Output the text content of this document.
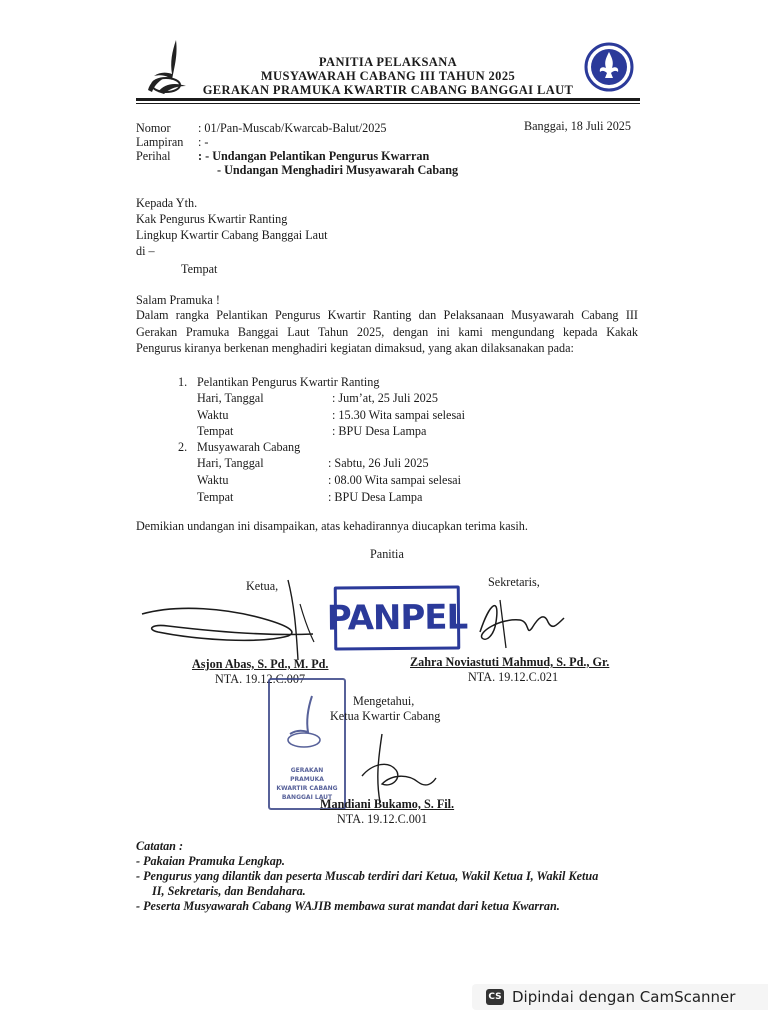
PANITIA PELAKSANA
MUSYAWARAH CABANG III TAHUN 2025
GERAKAN PRAMUKA KWARTIR CABANG BANGGAI LAUT
Nomor : 01/Pan-Muscab/Kwarcab-Balut/2025	Banggai, 18 Juli 2025
Lampiran : -
Perihal : - Undangan Pelantikan Pengurus Kwarran
- Undangan Menghadiri Musyawarah Cabang
Kepada Yth.
Kak Pengurus Kwartir Ranting
Lingkup Kwartir Cabang Banggai Laut
di –
Tempat
Salam Pramuka !
Dalam rangka Pelantikan Pengurus Kwartir Ranting dan Pelaksanaan Musyawarah Cabang III
Gerakan Pramuka Banggai Laut Tahun 2025, dengan ini kami mengundang kepada Kakak
Pengurus kiranya berkenan menghadiri kegiatan dimaksud, yang akan dilaksanakan pada:
1. Pelantikan Pengurus Kwartir Ranting
Hari, Tanggal	: Jum’at, 25 Juli 2025
Waktu	: 15.30 Wita sampai selesai
Tempat	: BPU Desa Lampa
2. Musyawarah Cabang
Hari, Tanggal	: Sabtu, 26 Juli 2025
Waktu	: 08.00 Wita sampai selesai
Tempat	: BPU Desa Lampa
Demikian undangan ini disampaikan, atas kehadirannya diucapkan terima kasih.
Panitia
Ketua,	Sekretaris,
PANPEL
Asjon Abas, S. Pd., M. Pd.
NTA. 19.12.C.007
Zahra Noviastuti Mahmud, S. Pd., Gr.
NTA. 19.12.C.021
GERAKAN PRAMUKA
KWARTIR CABANG
BANGGAI LAUT
Mengetahui,
Ketua Kwartir Cabang
Mandiani Bukamo, S. Fil.
NTA. 19.12.C.001
Catatan :
- Pakaian Pramuka Lengkap.
- Pengurus yang dilantik dan peserta Muscab terdiri dari Ketua, Wakil Ketua I, Wakil Ketua
II, Sekretaris, dan Bendahara.
- Peserta Musyawarah Cabang WAJIB membawa surat mandat dari ketua Kwarran.
CS Dipindai dengan CamScanner
